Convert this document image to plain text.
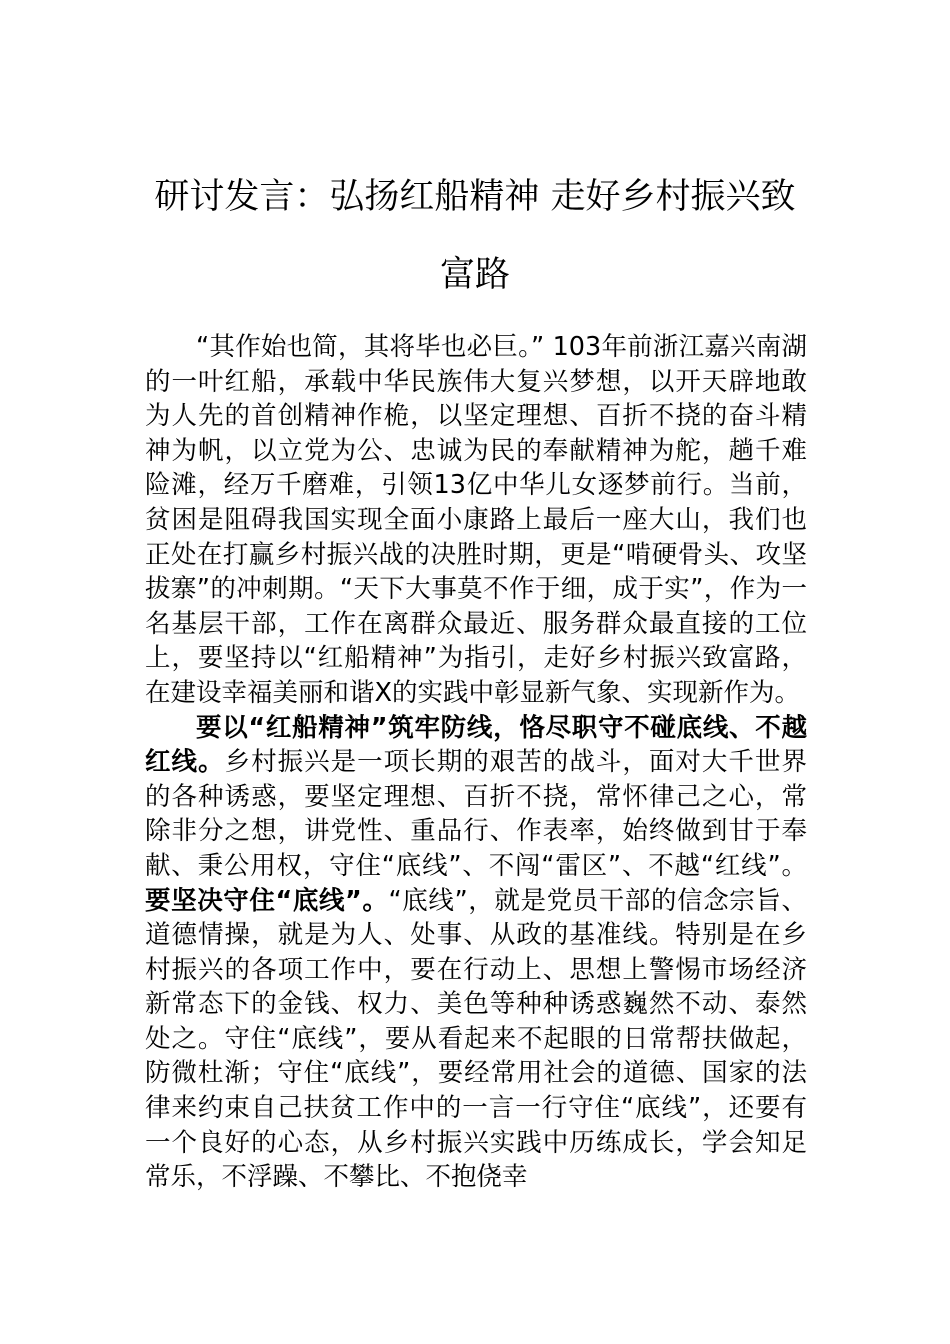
研讨发言：弘扬红船精神 走好乡村振兴致富路

“其作始也简，其将毕也必巨。” 103年前浙江嘉兴南湖的一叶红船，承载中华民族伟大复兴梦想，以开天辟地敢为人先的首创精神作桅，以坚定理想、百折不挠的奋斗精神为帆，以立党为公、忠诚为民的奉献精神为舵，趟千难险滩，经万千磨难，引领13亿中华儿女逐梦前行。当前，贫困是阻碍我国实现全面小康路上最后一座大山，我们也正处在打赢乡村振兴战的决胜时期，更是“啃硬骨头、攻坚拔寨”的冲刺期。“天下大事莫不作于细，成于实”，作为一名基层干部，工作在离群众最近、服务群众最直接的工位上，要坚持以“红船精神”为指引，走好乡村振兴致富路，在建设幸福美丽和谐X的实践中彰显新气象、实现新作为。

要以“红船精神”筑牢防线，恪尽职守不碰底线、不越红线。乡村振兴是一项长期的艰苦的战斗，面对大千世界的各种诱惑，要坚定理想、百折不挠，常怀律己之心，常除非分之想，讲党性、重品行、作表率，始终做到甘于奉献、秉公用权，守住“底线”、不闯“雷区”、不越“红线”。要坚决守住“底线”。“底线”，就是党员干部的信念宗旨、道德情操，就是为人、处事、从政的基准线。特别是在乡村振兴的各项工作中，要在行动上、思想上警惕市场经济新常态下的金钱、权力、美色等种种诱惑巍然不动、泰然处之。守住“底线”，要从看起来不起眼的日常帮扶做起，防微杜渐；守住“底线”，要经常用社会的道德、国家的法律来约束自己扶贫工作中的一言一行守住“底线”，还要有一个良好的心态，从乡村振兴实践中历练成长，学会知足常乐，不浮躁、不攀比、不抱侥幸
